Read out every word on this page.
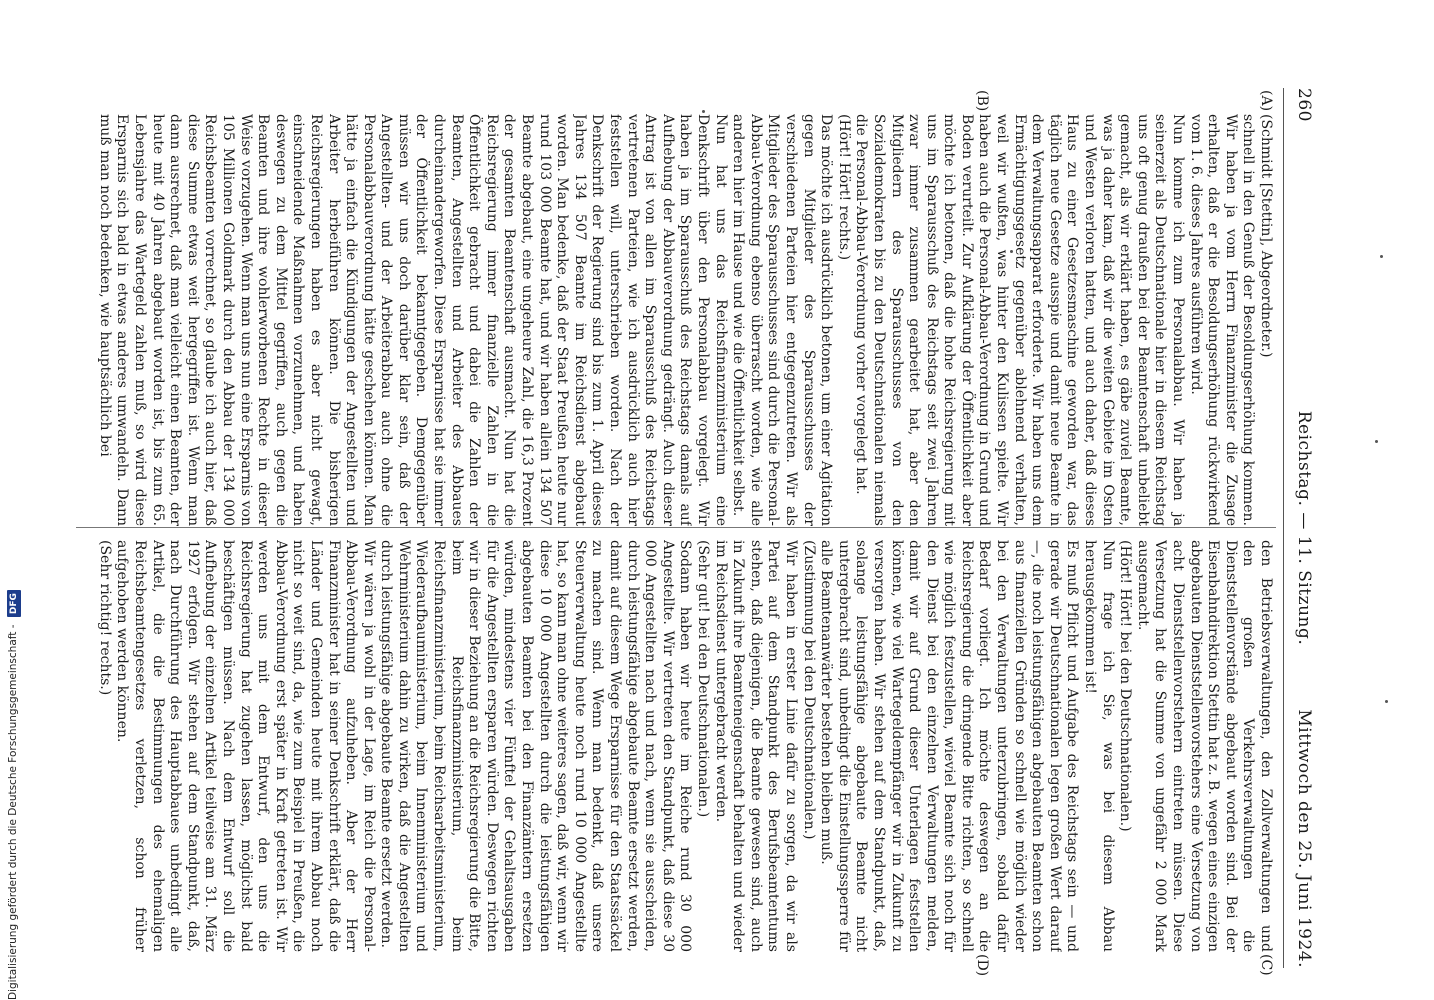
260
Reichstag. — 11. Sitzung.
Mittwoch den 25. Juni 1924.
(A)
(B)
(C)
(D)
(Schmidt [Stettin], Abgeordneter.)
schnell in den Genuß der Besoldungserhöhung kommen. Wir haben ja vom Herrn Finanzminister die Zusage erhalten, daß er die Besoldungserhöhung rückwirkend vom 1. 6. dieses Jahres ausführen wird.
Nun komme ich zum Personalabbau. Wir haben ja seinerzeit als Deutschnationale hier in diesem Reichstag uns oft genug draußen bei der Beamtenschaft unbeliebt gemacht, als wir erklärt haben, es gäbe zuviel Beamte, was ja daher kam, daß wir die weiten Gebiete im Osten und Westen verloren hatten, und auch daher, daß dieses Haus zu einer Gesetzesmaschine geworden war, das täglich neue Gesetze ausspie und damit neue Beamte in dem Verwaltungsapparat erforderte. Wir haben uns dem Ermächtigungsgesetz gegenüber ablehnend verhalten, weil wir wußten, was hinter den Kulissen spielte. Wir haben auch die Personal-Abbau-Verordnung in Grund und Boden verurteilt. Zur Aufklärung der Öffentlichkeit aber möchte ich betonen, daß die hohe Reichsregierung mit uns im Sparausschuß des Reichstags seit zwei Jahren zwar immer zusammen gearbeitet hat, aber den Mitgliedern des Sparausschusses von den Sozialdemokraten bis zu den Deutschnationalen niemals die Personal-Abbau-Verordnung vorher vorgelegt hat.
(Hört! Hört! rechts.)
Das möchte ich ausdrücklich betonen, um einer Agitation gegen Mitglieder des Sparausschusses der verschiedenen Parteien hier entgegenzutreten. Wir als Mitglieder des Sparausschusses sind durch die Personal-Abbau-Verordnung ebenso überrascht worden, wie alle anderen hier im Hause und wie die Öffentlichkeit selbst.
Nun hat uns das Reichsfinanzministerium eine Denkschrift über den Personalabbau vorgelegt. Wir haben ja im Sparausschuß des Reichstags damals auf Aufhebung der Abbauverordnung gedrängt. Auch dieser Antrag ist von allen im Sparausschuß des Reichstags vertretenen Parteien, wie ich ausdrücklich auch hier feststellen will, unterschrieben worden. Nach der Denkschrift der Regierung sind bis zum 1. April dieses Jahres 134 507 Beamte im Reichsdienst abgebaut worden. Man bedenke, daß der Staat Preußen heute nur rund 103 000 Beamte hat, und wir haben allein 134 507 Beamte abgebaut, eine ungeheure Zahl, die 16,3 Prozent der gesamten Beamtenschaft ausmacht. Nun hat die Reichsregierung immer finanzielle Zahlen in die Öffentlichkeit gebracht und dabei die Zahlen der Beamten, Angestellten und Arbeiter des Abbaues durcheinandergeworfen. Diese Ersparnisse hat sie immer der Öffentlichkeit bekanntgegeben. Demgegenüber müssen wir uns doch darüber klar sein, daß der Angestellten- und der Arbeiterabbau auch ohne die Personalabbauverordnung hätte geschehen können. Man hätte ja einfach die Kündigungen der Angestellten und Arbeiter herbeiführen können. Die bisherigen Reichsregierungen haben es aber nicht gewagt, einschneidende Maßnahmen vorzunehmen, und haben deswegen zu dem Mittel gegriffen, auch gegen die Beamten und ihre wohlerworbenen Rechte in dieser Weise vorzugehen. Wenn man uns nun eine Ersparnis von 105 Millionen Goldmark durch den Abbau der 134 000 Reichsbeamten vorrechnet, so glaube ich auch hier, daß diese Summe etwas weit hergegriffen ist. Wenn man dann ausrechnet, daß man vielleicht einen Beamten, der heute mit 40 Jahren abgebaut worden ist, bis zum 65. Lebensjahre das Wartegeld zahlen muß, so wird diese Ersparnis sich bald in etwas anderes umwandeln. Dann muß man noch bedenken, wie hauptsächlich bei
den Betriebsverwaltungen, den Zollverwaltungen und den großen Verkehrsverwaltungen die Dienststellenvorstände abgebaut worden sind. Bei der Eisenbahndirektion Stettin hat z. B. wegen eines einzigen abgebauten Dienststellenvorstehers eine Versetzung von acht Dienststellenvorstehern eintreten müssen. Diese Versetzung hat die Summe von ungefähr 2 000 Mark ausgemacht.
(Hört! Hört! bei den Deutschnationalen.)
Nun frage ich Sie, was bei diesem Abbau herausgekommen ist!
Es muß Pflicht und Aufgabe des Reichstags sein — und gerade wir Deutschnationalen legen großen Wert darauf —, die noch leistungsfähigen abgebauten Beamten schon aus finanziellen Gründen so schnell wie möglich wieder bei den Verwaltungen unterzubringen, sobald dafür Bedarf vorliegt. Ich möchte deswegen an die Reichsregierung die dringende Bitte richten, so schnell wie möglich festzustellen, wieviel Beamte sich noch für den Dienst bei den einzelnen Verwaltungen melden, damit wir auf Grund dieser Unterlagen feststellen können, wie viel Wartegeldempfänger wir in Zukunft zu versorgen haben. Wir stehen auf dem Standpunkt, daß, solange leistungsfähige abgebaute Beamte nicht untergebracht sind, unbedingt die Einstellungssperre für alle Beamtenanwärter bestehen bleiben muß.
(Zustimmung bei den Deutschnationalen.)
Wir haben in erster Linie dafür zu sorgen, da wir als Partei auf dem Standpunkt des Berufsbeamtentums stehen, daß diejenigen, die Beamte gewesen sind, auch in Zukunft ihre Beamteneigenschaft behalten und wieder im Reichsdienst untergebracht werden.
(Sehr gut! bei den Deutschnationalen.)
Sodann haben wir heute im Reiche rund 30 000 Angestellte. Wir vertreten den Standpunkt, daß diese 30 000 Angestellten nach und nach, wenn sie ausscheiden, durch leistungsfähige abgebaute Beamte ersetzt werden, damit auf diesem Wege Ersparnisse für den Staatssäckel zu machen sind. Wenn man bedenkt, daß unsere Steuerverwaltung heute noch rund 10 000 Angestellte hat, so kann man ohne weiteres sagen, daß wir, wenn wir diese 10 000 Angestellten durch die leistungsfähigen abgebauten Beamten bei den Finanzämtern ersetzen würden, mindestens vier Fünftel der Gehaltsausgaben für die Angestellten ersparen würden. Deswegen richten wir in dieser Beziehung an die Reichsregierung die Bitte, beim Reichsfinanzministerium, beim Reichsfinanzministerium, beim Reichsarbeitsministerium, Wiederaufbauministerium, beim Innenministerium und Wehrministerium dahin zu wirken, daß die Angestellten durch leistungsfähige abgebaute Beamte ersetzt werden.
Wir wären ja wohl in der Lage, im Reich die Personal-Abbau-Verordnung aufzuheben. Aber der Herr Finanzminister hat in seiner Denkschrift erklärt, daß die Länder und Gemeinden heute mit ihrem Abbau noch nicht so weit sind, da, wie zum Beispiel in Preußen, die Abbau-Verordnung erst später in Kraft getreten ist. Wir werden uns mit dem Entwurf, den uns die Reichsregierung hat zugehen lassen, möglichst bald beschäftigen müssen. Nach dem Entwurf soll die Aufhebung der einzelnen Artikel teilweise am 31. März 1927 erfolgen. Wir stehen auf dem Standpunkt, daß, nach Durchführung des Hauptabbaues unbedingt alle Artikel, die die Bestimmungen des ehemaligen Reichsbeamtengesetzes verletzen, schon früher aufgehoben werden können.
(Sehr richtig! rechts.)
Digitalisierung gefördert durch die Deutsche Forschungsgemeinschaft - DFG
